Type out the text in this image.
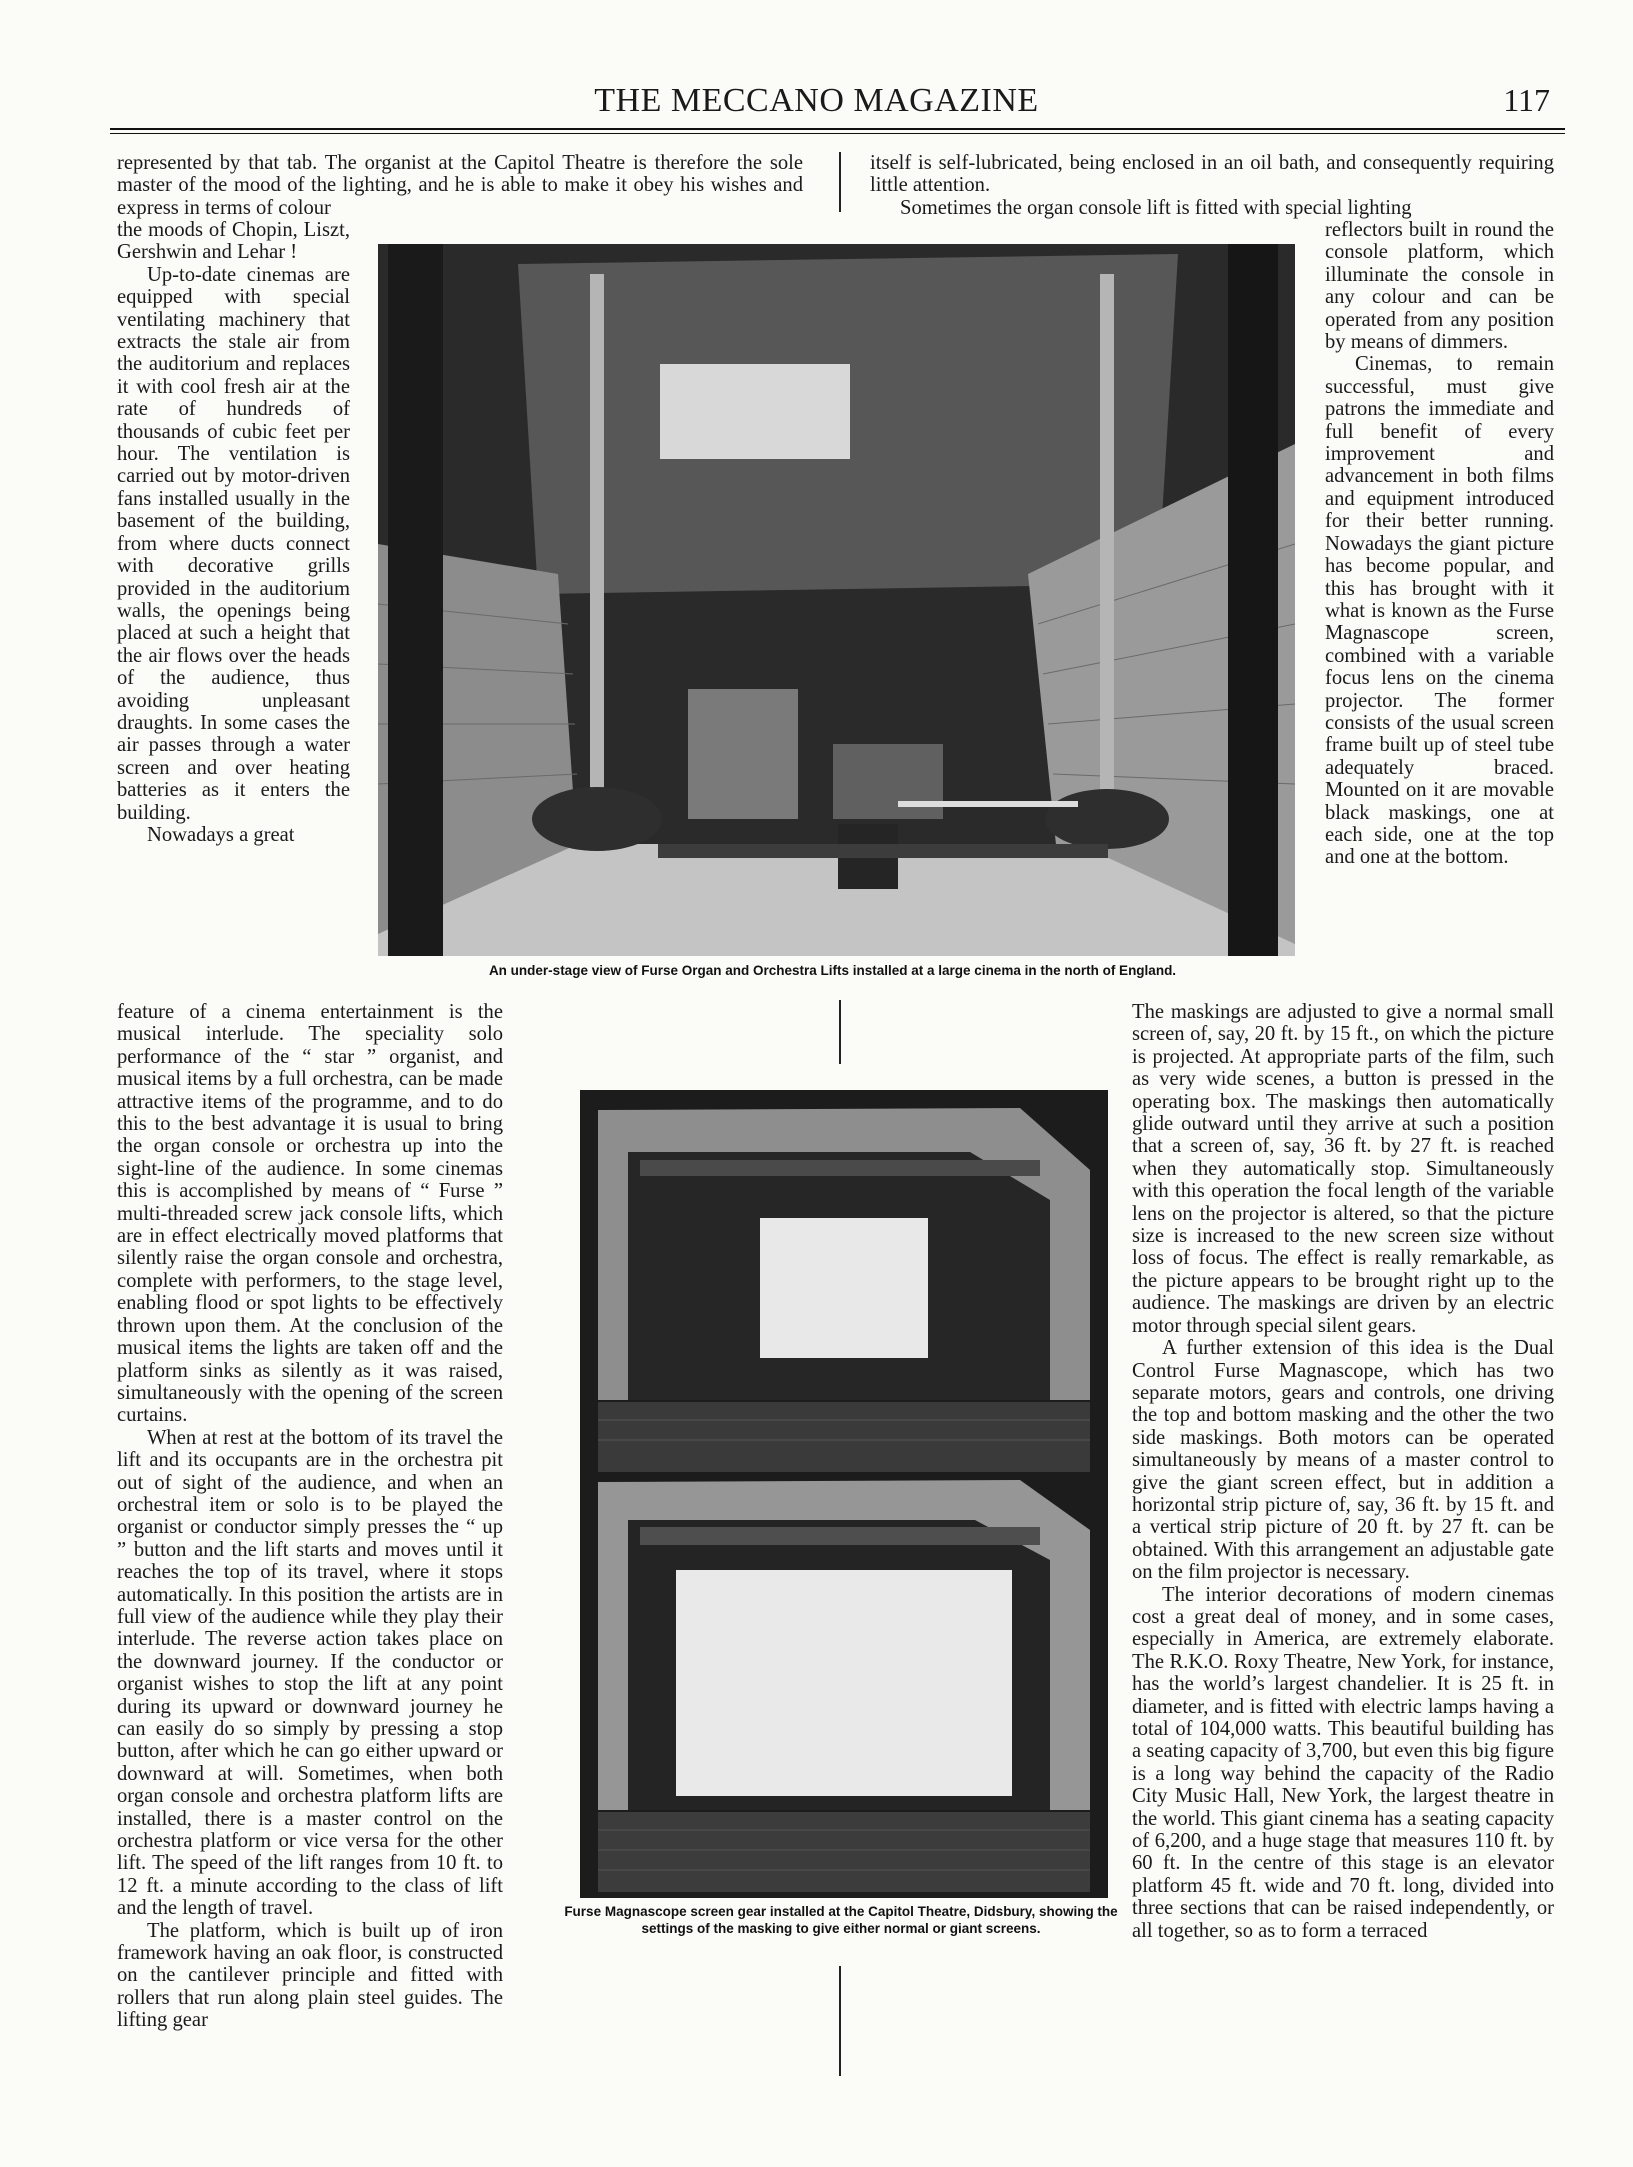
THE MECCANO MAGAZINE	117

represented by that tab. The organist at the Capitol Theatre is therefore the sole master of the mood of the lighting, and he is able to make it obey his wishes and express in terms of colour

the moods of Chopin, Liszt, Gershwin and Lehar !

Up-to-date cinemas are equipped with special ventilating machinery that extracts the stale air from the auditorium and replaces it with cool fresh air at the rate of hundreds of thousands of cubic feet per hour. The ventilation is carried out by motor-driven fans installed usually in the basement of the building, from where ducts connect with decorative grills provided in the auditorium walls, the openings being placed at such a height that the air flows over the heads of the audience, thus avoiding unpleasant draughts. In some cases the air passes through a water screen and over heating batteries as it enters the building.

Nowadays a great

feature of a cinema entertainment is the musical interlude. The speciality solo performance of the “ star ” organist, and musical items by a full orchestra, can be made attractive items of the programme, and to do this to the best advantage it is usual to bring the organ console or orchestra up into the sight-line of the audience. In some cinemas this is accomplished by means of “ Furse ” multi-threaded screw jack console lifts, which are in effect electrically moved platforms that silently raise the organ console and orchestra, complete with performers, to the stage level, enabling flood or spot lights to be effectively thrown upon them. At the conclusion of the musical items the lights are taken off and the platform sinks as silently as it was raised, simultaneously with the opening of the screen curtains.

When at rest at the bottom of its travel the lift and its occupants are in the orchestra pit out of sight of the audience, and when an orchestral item or solo is to be played the organist or conductor simply presses the “ up ” button and the lift starts and moves until it reaches the top of its travel, where it stops automatically. In this position the artists are in full view of the audience while they play their interlude. The reverse action takes place on the downward journey. If the conductor or organist wishes to stop the lift at any point during its upward or downward journey he can easily do so simply by pressing a stop button, after which he can go either upward or downward at will. Sometimes, when both organ console and orchestra platform lifts are installed, there is a master control on the orchestra platform or vice versa for the other lift. The speed of the lift ranges from 10 ft. to 12 ft. a minute according to the class of lift and the length of travel.

The platform, which is built up of iron framework having an oak floor, is constructed on the cantilever principle and fitted with rollers that run along plain steel guides. The lifting gear

itself is self-lubricated, being enclosed in an oil bath, and consequently requiring little attention.

Sometimes the organ console lift is fitted with special lighting

reflectors built in round the console platform, which illuminate the console in any colour and can be operated from any position by means of dimmers.

Cinemas, to remain successful, must give patrons the immediate and full benefit of every improvement and advancement in both films and equipment introduced for their better running. Nowadays the giant picture has become popular, and this has brought with it what is known as the Furse Magnascope screen, combined with a variable focus lens on the cinema projector. The former consists of the usual screen frame built up of steel tube adequately braced. Mounted on it are movable black maskings, one at each side, one at the top and one at the bottom.

The maskings are adjusted to give a normal small screen of, say, 20 ft. by 15 ft., on which the picture is projected. At appropriate parts of the film, such as very wide scenes, a button is pressed in the operating box. The maskings then automatically glide outward until they arrive at such a position that a screen of, say, 36 ft. by 27 ft. is reached when they automatically stop. Simultaneously with this operation the focal length of the variable lens on the projector is altered, so that the picture size is increased to the new screen size without loss of focus. The effect is really remarkable, as the picture appears to be brought right up to the audience. The maskings are driven by an electric motor through special silent gears.

A further extension of this idea is the Dual Control Furse Magnascope, which has two separate motors, gears and controls, one driving the top and bottom masking and the other the two side maskings. Both motors can be operated simultaneously by means of a master control to give the giant screen effect, but in addition a horizontal strip picture of, say, 36 ft. by 15 ft. and a vertical strip picture of 20 ft. by 27 ft. can be obtained. With this arrangement an adjustable gate on the film projector is necessary.

The interior decorations of modern cinemas cost a great deal of money, and in some cases, especially in America, are extremely elaborate. The R.K.O. Roxy Theatre, New York, for instance, has the world’s largest chandelier. It is 25 ft. in diameter, and is fitted with electric lamps having a total of 104,000 watts. This beautiful building has a seating capacity of 3,700, but even this big figure is a long way behind the capacity of the Radio City Music Hall, New York, the largest theatre in the world. This giant cinema has a seating capacity of 6,200, and a huge stage that measures 110 ft. by 60 ft. In the centre of this stage is an elevator platform 45 ft. wide and 70 ft. long, divided into three sections that can be raised independently, or all together, so as to form a terraced

An under-stage view of Furse Organ and Orchestra Lifts installed at a large cinema in the north of England.
Furse Magnascope screen gear installed at the Capitol Theatre, Didsbury, showing the settings of the masking to give either normal or giant screens.
